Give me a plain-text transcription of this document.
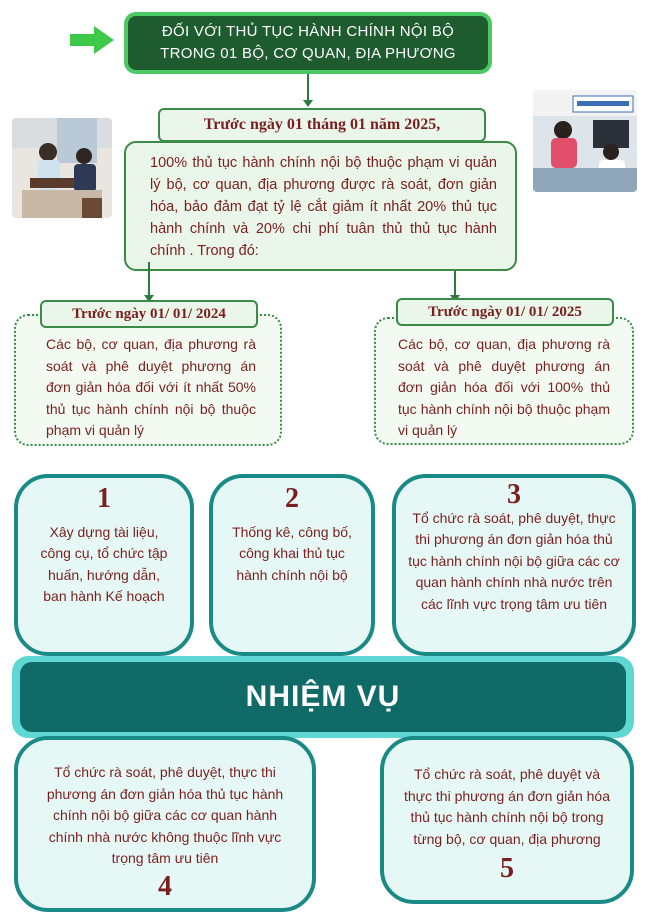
ĐỐI VỚI THỦ TỤC HÀNH CHÍNH NỘI BỘ
TRONG 01 BỘ, CƠ QUAN, ĐỊA PHƯƠNG
Trước ngày 01 tháng 01 năm 2025,

100% thủ tục hành chính nội bộ thuộc phạm vi quản lý bộ, cơ quan, địa phương được rà soát, đơn giản hóa, bảo đảm đạt tỷ lệ cắt giảm ít nhất 20% thủ tục hành chính và 20% chi phí tuân thủ thủ tục hành chính . Trong đó:

Các bộ, cơ quan, địa phương rà soát và phê duyệt phương án đơn giản hóa đối với ít nhất 50% thủ tục hành chính nội bộ thuộc phạm vi quản lý

Trước ngày 01/ 01/ 2024

Các bộ, cơ quan, địa phương rà soát và phê duyệt phương án đơn giản hóa đối với 100% thủ tục hành chính nội bộ thuộc phạm vi quản lý

Trước ngày 01/ 01/ 2025
1

Xây dựng tài liệu, công cụ, tổ chức tập huấn, hướng dẫn, ban hành Kế hoạch

2

Thống kê, công bố, công khai thủ tục hành chính nội bộ

3

Tổ chức rà soát, phê duyệt, thực thi phương án đơn giản hóa thủ tục hành chính nội bộ giữa các cơ quan hành chính nhà nước trên các lĩnh vực trọng tâm ưu tiên

NHIỆM VỤ

Tổ chức rà soát, phê duyệt, thực thi phương án đơn giản hóa thủ tục hành chính nội bộ giữa các cơ quan hành chính nhà nước không thuộc lĩnh vực trọng tâm ưu tiên

4

Tổ chức rà soát, phê duyệt và thực thi phương án đơn giản hóa thủ tục hành chính nội bộ trong từng bộ, cơ quan, địa phương

5
